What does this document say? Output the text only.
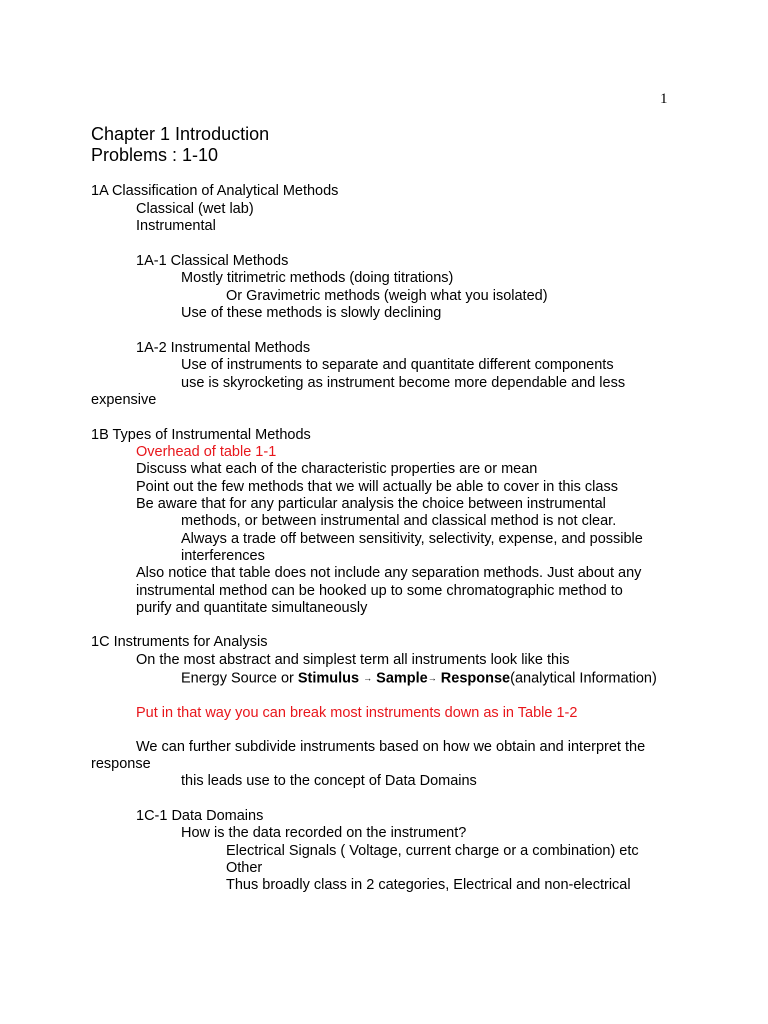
1
Chapter 1 Introduction
Problems : 1-10
1A Classification of Analytical Methods
Classical (wet lab)
Instrumental
1A-1 Classical Methods
Mostly titrimetric methods (doing titrations)
Or Gravimetric methods (weigh what you isolated)
Use of these methods is slowly declining
1A-2 Instrumental Methods
Use of instruments to separate and quantitate different components
use is skyrocketing as instrument become more dependable and less
expensive
1B Types of Instrumental Methods
Overhead of table 1-1
Discuss what each of the characteristic properties are or mean
Point out the few methods that we will actually be able to cover in this class
Be aware that for any particular analysis the choice between instrumental
methods, or between instrumental and classical method is not clear.
Always a trade off between sensitivity, selectivity, expense, and possible
interferences
Also notice that table does not include any separation methods. Just about any
instrumental method can be hooked up to some chromatographic method to
purify and quantitate simultaneously
1C Instruments for Analysis
On the most abstract and simplest term all instruments look like this
Energy Source or Stimulus → Sample→ Response(analytical Information)
Put in that way you can break most instruments down as in Table 1-2
We can further subdivide instruments based on how we obtain and interpret the
response
this leads use to the concept of Data Domains
1C-1 Data Domains
How is the data recorded on the instrument?
Electrical Signals ( Voltage, current charge or a combination) etc
Other
Thus broadly class in 2 categories, Electrical and non-electrical
